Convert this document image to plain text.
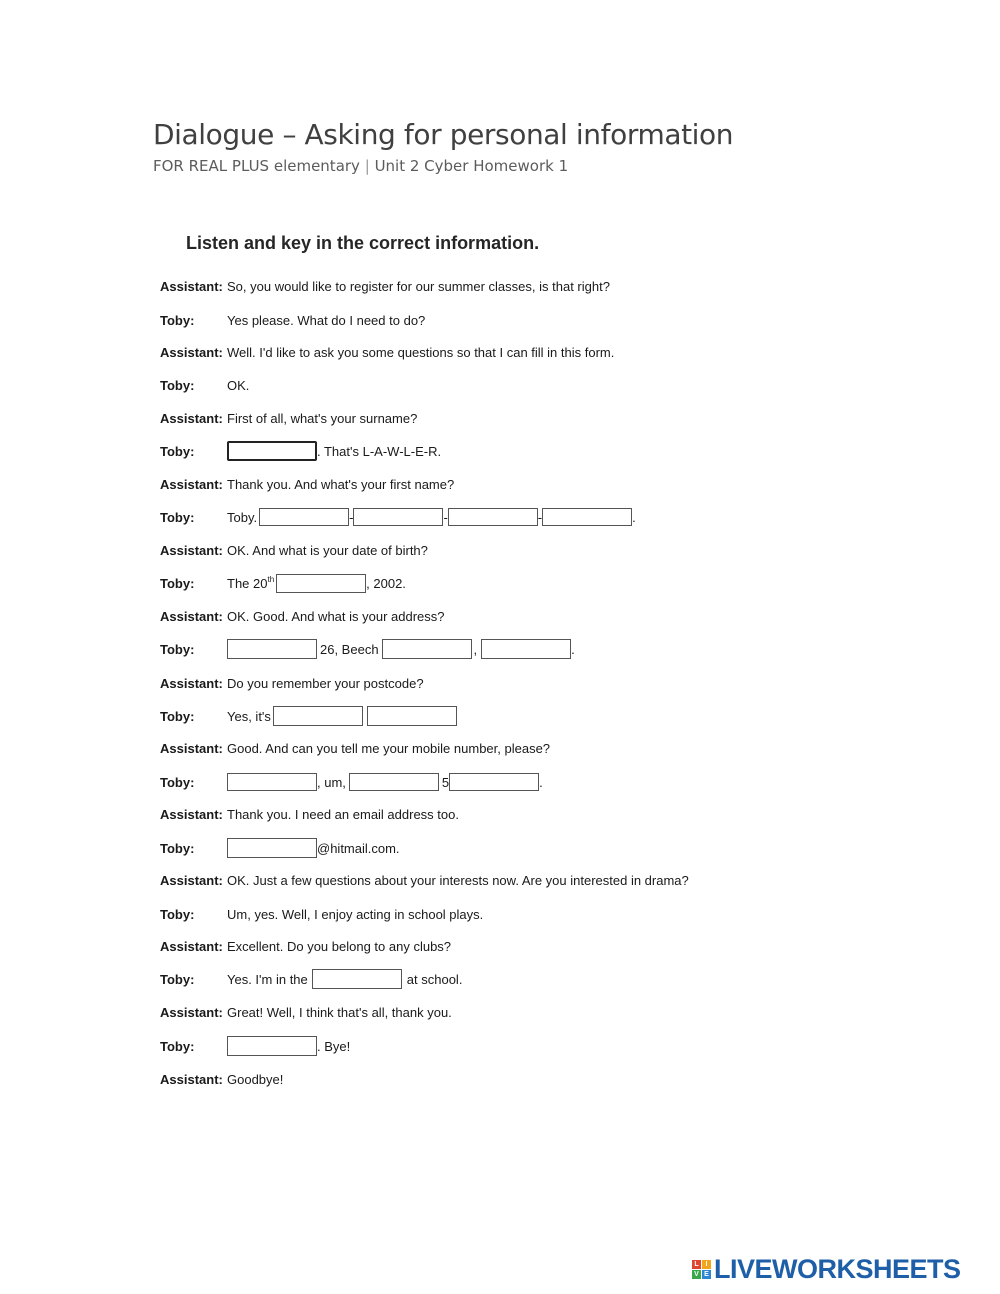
Dialogue – Asking for personal information
FOR REAL PLUS elementary | Unit 2 Cyber Homework 1
Listen and key in the correct information.
Assistant: So, you would like to register for our summer classes, is that right?
Toby:	Yes please. What do I need to do?
Assistant: Well. I'd like to ask you some questions so that I can fill in this form.
Toby:	OK.
Assistant: First of all, what's your surname?
Toby:	. That's L-A-W-L-E-R.
Assistant: Thank you. And what's your first name?
Toby:	Toby.	-	-	-	.
Assistant: OK. And what is your date of birth?
Toby:	The 20th	, 2002.
Assistant: OK. Good. And what is your address?
Toby:	26, Beech	,	.
Assistant: Do you remember your postcode?
Toby:	Yes, it's
Assistant: Good. And can you tell me your mobile number, please?
Toby:	, um,	5	.
Assistant: Thank you. I need an email address too.
Toby:	@hitmail.com.
Assistant: OK. Just a few questions about your interests now. Are you interested in drama?
Toby:	Um, yes. Well, I enjoy acting in school plays.
Assistant: Excellent. Do you belong to any clubs?
Toby:	Yes. I'm in the	at school.
Assistant: Great! Well, I think that's all, thank you.
Toby:	. Bye!
Assistant: Goodbye!
L I
V E LIVEWORKSHEETS
